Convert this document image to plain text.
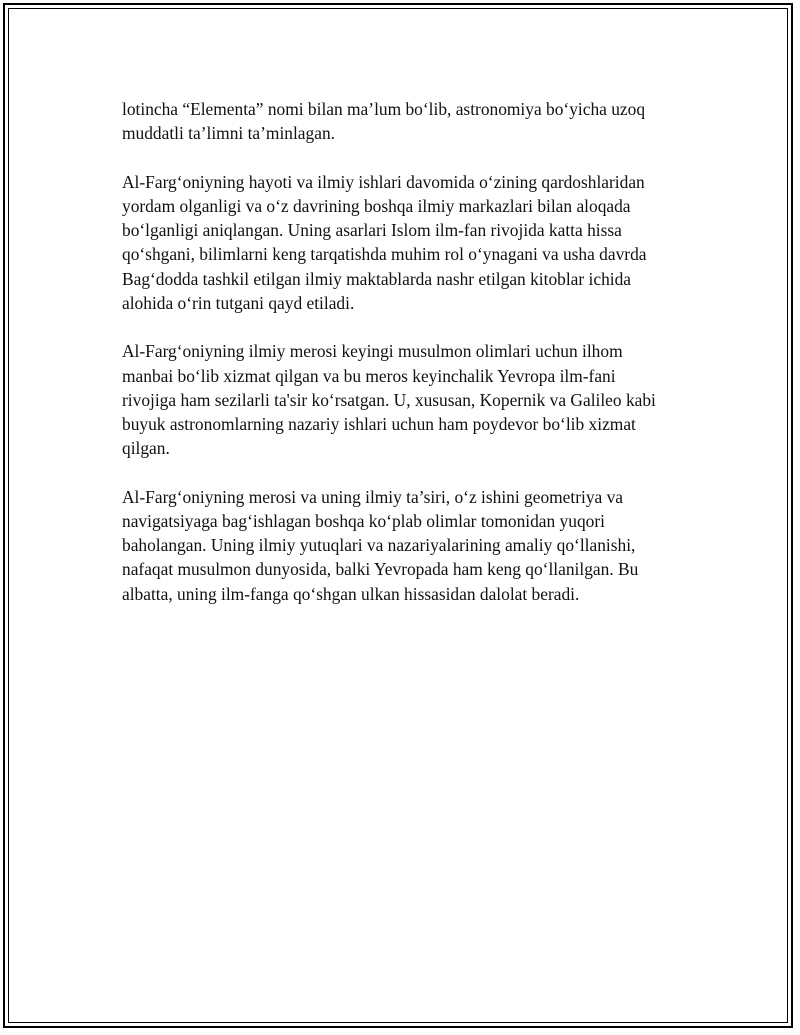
lotincha “Elementa” nomi bilan ma’lum bo‘lib, astronomiya bo‘yicha uzoq
muddatli ta’limni ta’minlagan.

Al-Farg‘oniyning hayoti va ilmiy ishlari davomida o‘zining qardoshlaridan
yordam olganligi va o‘z davrining boshqa ilmiy markazlari bilan aloqada
bo‘lganligi aniqlangan. Uning asarlari Islom ilm-fan rivojida katta hissa
qo‘shgani, bilimlarni keng tarqatishda muhim rol o‘ynagani va usha davrda
Bag‘dodda tashkil etilgan ilmiy maktablarda nashr etilgan kitoblar ichida
alohida o‘rin tutgani qayd etiladi.

Al-Farg‘oniyning ilmiy merosi keyingi musulmon olimlari uchun ilhom
manbai bo‘lib xizmat qilgan va bu meros keyinchalik Yevropa ilm-fani
rivojiga ham sezilarli ta'sir ko‘rsatgan. U, xususan, Kopernik va Galileo kabi
buyuk astronomlarning nazariy ishlari uchun ham poydevor bo‘lib xizmat
qilgan.

Al-Farg‘oniyning merosi va uning ilmiy ta’siri, o‘z ishini geometriya va
navigatsiyaga bag‘ishlagan boshqa ko‘plab olimlar tomonidan yuqori
baholangan. Uning ilmiy yutuqlari va nazariyalarining amaliy qo‘llanishi,
nafaqat musulmon dunyosida, balki Yevropada ham keng qo‘llanilgan. Bu
albatta, uning ilm-fanga qo‘shgan ulkan hissasidan dalolat beradi.
